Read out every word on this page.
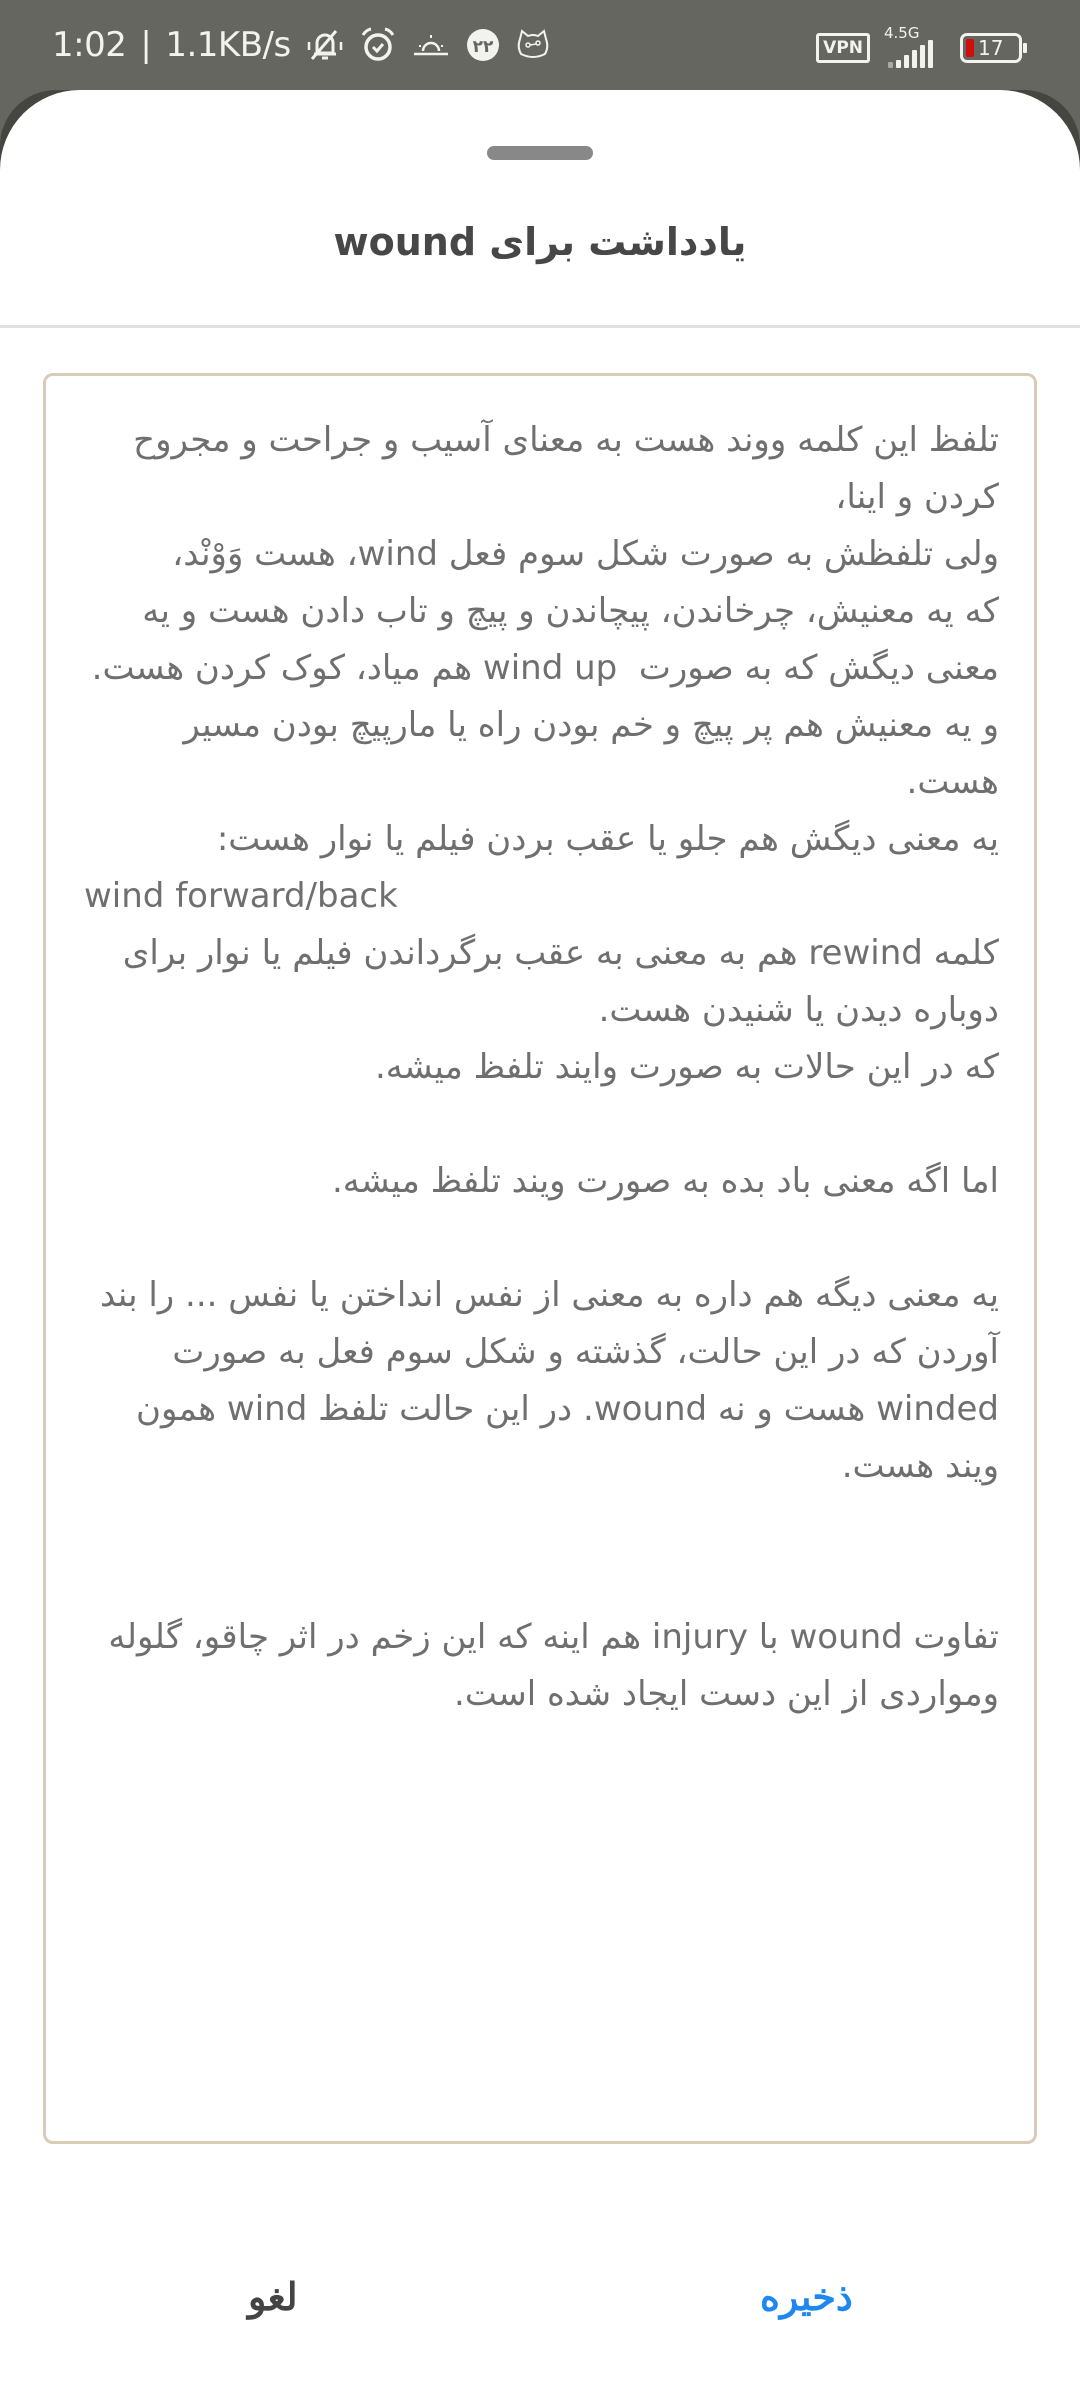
1:02 | 1.1KB/s	۲۲	VPN
4.5G
17
یادداشت برای wound
تلفظ این کلمه ووند هست به معنای آسیب و جراحت و مجروح کردن و اینا،
ولی تلفظش به صورت شکل سوم فعل wind، هست وَوْنْد،
که یه معنیش، چرخاندن، پیچاندن و پیچ و تاب دادن هست و یه معنی دیگش که به صورت  wind up هم میاد، کوک کردن هست.
و یه معنیش هم پر پیچ و خم بودن راه یا مارپیچ بودن مسیر هست.
یه معنی دیگش هم جلو یا عقب بردن فیلم یا نوار هست:
wind forward/back
کلمه rewind هم به معنی به عقب برگرداندن فیلم یا نوار برای دوباره دیدن یا شنیدن هست.
که در این حالات به صورت وایند تلفظ میشه.

اما اگه معنی باد بده به صورت ویند تلفظ میشه.

یه معنی دیگه هم داره به معنی از نفس انداختن یا نفس ... را بند آوردن که در این حالت، گذشته و شکل سوم فعل به صورت winded هست و نه wound. در این حالت تلفظ wind همون ویند هست.

تفاوت wound با injury هم اینه که این زخم در اثر چاقو، گلوله ومواردی از این دست ایجاد شده است.
ذخیره
لغو
